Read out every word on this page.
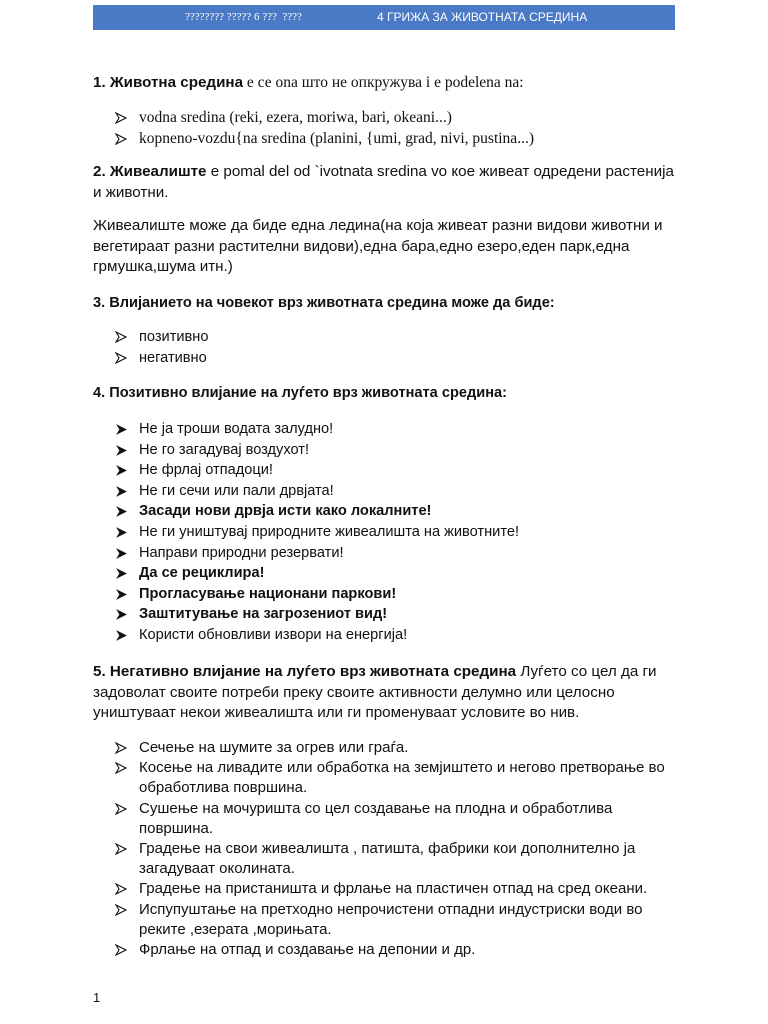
???????? ????? 6 ???  ????

	4 ГРИЖА ЗА ЖИВОТНАТА СРЕДИНА

1. Животна средина е се ona што не опкружува i е podelena na:
vodna sredina (reki, ezera, moriwa, bari, okeani...)
kopneno-vozdu{na sredina (planini, {umi, grad, nivi, pustina...)
2. Живеалиште е pomal del od `ivotnata sredina vo кое живеат одредени растенија и животни.
Живеалиште може да биде една ледина(на која живеат разни видови животни и вегетираат разни растителни видови),една бара,едно езеро,еден парк,една грмушка,шума итн.)
3. Влијанието на човекот врз животната средина може да биде:
позитивно
негативно
4. Позитивно влијание на луѓето врз животната средина:
Не ја троши водата залудно!
Не го загадувај воздухот!
Не фрлај отпадоци!
Не ги сечи или пали дрвјата!
Засади нови дрвја исти како локалните!
Не ги уништувај природните живеалишта на животните!
Направи природни резервати!
Да се рециклира!
Прогласување национани паркови!
Заштитување на загрозениот вид!
Користи обновливи извори на енергија!
5. Негативно влијание на луѓето врз животната средина Луѓето со цел да ги задоволат своите потреби преку своите активности делумно или целосно уништуваат некои живеалишта или ги променуваат условите во нив.
Сечење на шумите за огрев или граѓа.
Косење на ливадите или обработка на земјиштето и негово претворање во обработлива површина.
Сушење на мочуришта со цел создавање на плодна и обработлива површина.
Градење на свои живеалишта , патишта, фабрики кои дополнително ја загадуваат околината.
Градење на пристаништа и фрлање на пластичен отпад на сред океани.
Испупуштање на претходно непрочистени отпадни индустриски води во реките ,езерата ,морињата.
Фрлање на отпад и создавање на депонии и др.
1
